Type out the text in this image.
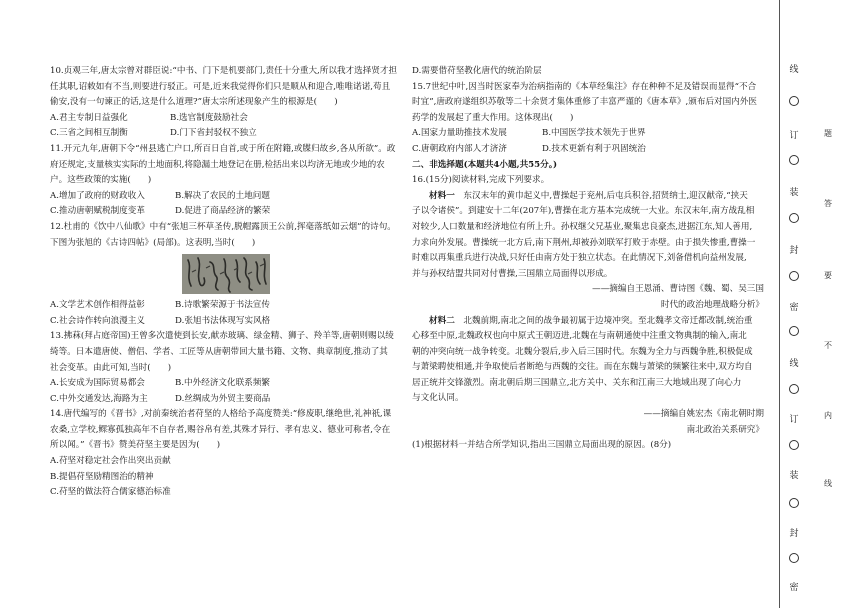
10.贞观三年,唐太宗曾对群臣说:“中书、门下是机要部门,责任十分重大,所以我才选择贤才担

任其职,诏敕如有不当,则要进行驳正。可是,近来我觉得你们只是顺从和迎合,唯唯诺诺,苟且

偷安,没有一句谏正的话,这是什么道理?”唐太宗所述现象产生的根源是(　　)

A.君主专制日益强化	B.选官制度鼓励社会
C.三省之间相互制衡	D.门下省封驳权不独立

11.开元九年,唐朝下令“州县逃亡户口,所百日自首,或于所在附籍,或牒归故乡,各从所欲”。政

府还规定,支量核实实际的土地面积,将隐漏土地登记在册,检括出来以均济无地或少地的农

户。这些政策的实施(　　)

A.增加了政府的财政收入	B.解决了农民的土地问题
C.推动唐朝赋税制度变革	D.促进了商品经济的繁荣

12.杜甫的《饮中八仙歌》中有“张旭三杯草圣传,脱帽露顶王公前,挥毫落纸如云烟”的诗句。

下图为张旭的《古诗四帖》(局部)。这表明,当时(　　)

A.文学艺术创作相得益彰	B.诗歌繁荣源于书法宣传
C.社会诗作转向浪漫主义	D.张旭书法体现写实风格

13.拂菻(拜占庭帝国)王曾多次遣使到长安,献赤玻璃、绿金精、狮子、羚羊等,唐朝则赐以绫

绮等。日本遣唐使、僧侣、学者、工匠等从唐朝带回大量书籍、文物、典章制度,推动了其

社会变革。由此可知,当时(　　)

A.长安成为国际贸易都会	B.中外经济文化联系频繁
C.中外交通发达,海路为主	D.丝绸成为外贸主要商品

14.唐代编写的《晋书》,对前秦统治者苻坚的人格给予高度赞美:“修废职,继绝世,礼神祇,课

农桑,立学校,鳏寡孤独高年不自存者,赐谷帛有差,其殊才异行、孝有忠义、德业可称者,令在

所以闻。”《晋书》赞美苻坚主要是因为(　　)

A.苻坚对稳定社会作出突出贡献

B.提倡苻坚励精图治的精神

C.苻坚的做法符合儒家德治标准

D.需要借苻坚教化唐代的统治阶层

15.7世纪中叶,因当时医家奉为治病指南的《本草经集注》存在种种不足及错误而显得“不合

时宜”,唐政府遂组织苏敬等二十余贤才集体重修了丰富严谨的《唐本草》,颁布后对国内外医

药学的发展起了重大作用。这体现出(　　)

A.国家力量助推技术发展	B.中国医学技术领先于世界
C.唐朝政府内部人才济济	D.技术更新有利于巩固统治

二、非选择题(本题共4小题,共55分。)

16.(15分)阅读材料,完成下列要求。

材料一　 东汉末年的黄巾起义中,曹操起于兖州,后屯兵积谷,招贤纳士,迎汉献帝,“挟天

子以令诸侯”。到建安十二年(207年),曹操在北方基本完成统一大业。东汉末年,南方战乱相

对较少,人口数量和经济地位有所上升。孙权继父兄基业,聚集忠良豪杰,进据江东,知人善用,

力求向外发展。曹操统一北方后,南下荆州,却被孙刘联军打败于赤壁。由于损失惨重,曹操一

时难以再集重兵进行决战,只好任由南方处于独立状态。在此情况下,刘备借机向益州发展,

并与孙权结盟共同对付曹操,三国鼎立局面得以形成。

——摘编自王恩涌、曹诗图《魏、蜀、吴三国

时代的政治地理战略分析》

材料二　 北魏前期,南北之间的战争最初属于边境冲突。至北魏孝文帝迁都改制,统治重

心移至中原,北魏政权也向中原式王朝迈进,北魏在与南朝通使中注重文物典制的输入,南北

朝的冲突向统一战争转变。北魏分裂后,步入后三国时代。东魏为全力与西魏争胜,积极促成

与萧梁聘使相通,并争取使后者断绝与西魏的交往。而在东魏与萧梁的频繁往来中,双方均自

居正统并交锋激烈。南北朝后期三国鼎立,北方关中、关东和江南三大地域出现了向心力

与文化认同。

——摘编自姚宏杰《南北朝时期

南北政治关系研究》

(1)根据材料一并结合所学知识,指出三国鼎立局面出现的原因。(8分)

线
订
装
封
密
线
订
装
封
密
题
答
要
不
内
线
